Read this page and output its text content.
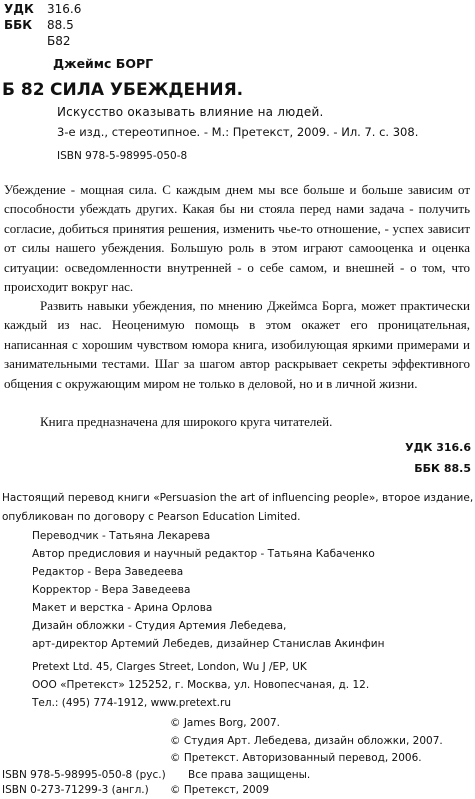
УДК 316.6
ББК 88.5
Б82
Джеймс БОРГ
Б 82 СИЛА УБЕЖДЕНИЯ.
Искусство оказывать влияние на людей.
3-е изд., стереотипное. - М.: Претекст, 2009. - Ил. 7. с. 308.
ISBN 978-5-98995-050-8
Убеждение - мощная сила. С каждым днем мы все больше и больше зависим от способности убеждать других. Какая бы ни стояла перед нами задача - получить согласие, добиться принятия решения, изменить чье-то отношение, - успех зависит от силы нашего убеждения. Большую роль в этом играют самооценка и оценка ситуации: осведомленности внутренней - о себе самом, и внешней - о том, что происходит вокруг нас.
Развить навыки убеждения, по мнению Джеймса Борга, может практически каждый из нас. Неоценимую помощь в этом окажет его проницательная, написанная с хорошим чувством юмора книга, изобилующая яркими примерами и занимательными тестами. Шаг за шагом автор раскрывает секреты эффективного общения с окружающим миром не только в деловой, но и в личной жизни.
Книга предназначена для широкого круга читателей.
УДК 316.6
ББК 88.5
Настоящий перевод книги «Persuasion the art of influencing people», второе издание,
опубликован по договору с Pearson Education Limited.
Переводчик - Татьяна Лекарева
Автор предисловия и научный редактор - Татьяна Кабаченко
Редактор - Вера Заведеева
Корректор - Вера Заведеева
Макет и верстка - Арина Орлова
Дизайн обложки - Студия Артемия Лебедева,
арт-директор Артемий Лебедев, дизайнер Станислав Акинфин
Pretext Ltd. 45, Clarges Street, London, Wu J /EP, UK
ООО «Претекст» 125252, г. Москва, ул. Новопесчаная, д. 12.
Тел.: (495) 774-1912, www.pretext.ru
© James Borg, 2007.
© Студия Арт. Лебедева, дизайн обложки, 2007.
© Претекст. Авторизованный перевод, 2006.
Все права защищены.
ISBN 978-5-98995-050-8 (рус.)
ISBN 0-273-71299-3 (англ.) © Претекст, 2009
